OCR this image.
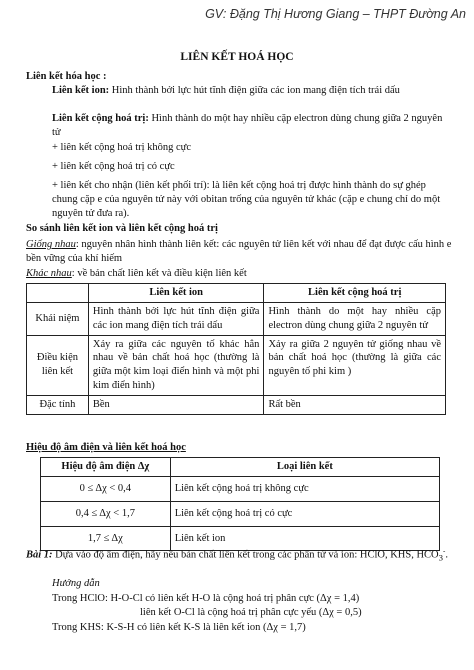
GV: Đặng Thị Hương Giang – THPT Đường An
LIÊN KẾT HOÁ HỌC
Liên kết hóa học :
Liên kết ion: Hình thành bởi lực hút tĩnh điện giữa các ion mang điện tích trái dấu
Liên kết cộng hoá trị: Hình thành do một hay nhiều cặp electron dùng chung giữa 2 nguyên tử
+ liên kết cộng hoá trị không cực
+ liên kết cộng hoá trị có cực
+ liên kết cho nhận (liên kết phối trí): là liên kết cộng hoá trị được hình thành do sự ghép chung cặp e của nguyên tử này với obitan trống của nguyên tử khác (cặp e chung chỉ do một nguyên tử đưa ra).
So sánh liên kết ion và liên kết cộng hoá trị
Giống nhau: nguyên nhân hình thành liên kết: các nguyên tử liên kết với nhau để đạt được cấu hình e bền vững của khí hiếm
Khác nhau: về bản chất liên kết và điều kiện liên kết
	Liên kết ion	Liên kết cộng hoá trị
Khái niệm	Hình thành bởi lực hút tĩnh điện giữa các ion mang điện tích trái dấu	Hình thành do một hay nhiều cặp electron dùng chung giữa 2 nguyên tử
Điều kiện liên kết	Xảy ra giữa các nguyên tố khác hẳn nhau về bản chất hoá học (thường là giữa một kim loại điển hình và một phi kim điển hình)	Xảy ra giữa 2 nguyên tử giống nhau về bản chất hoá học (thường là giữa các nguyên tố phi kim )
Đặc tính	Bền	Rất bền
Hiệu độ âm điện và liên kết hoá học
Hiệu độ âm điện Δχ	Loại liên kết
0 ≤ Δχ < 0,4	Liên kết cộng hoá trị không cực
0,4 ≤ Δχ < 1,7	Liên kết cộng hoá trị có cực
1,7 ≤ Δχ	Liên kết ion
Bài 1: Dựa vào độ âm điện, hãy nêu bản chất liên kết trong các phân tử và ion: HClO, KHS, $HCO_3^-$.
Hướng dẫn
Trong HClO: H-O-Cl có liên kết H-O là cộng hoá trị phân cực (Δχ = 1,4)
liên kết O-Cl là cộng hoá trị phân cực yếu (Δχ = 0,5)
Trong KHS: K-S-H có liên kết K-S là liên kết ion (Δχ = 1,7)
